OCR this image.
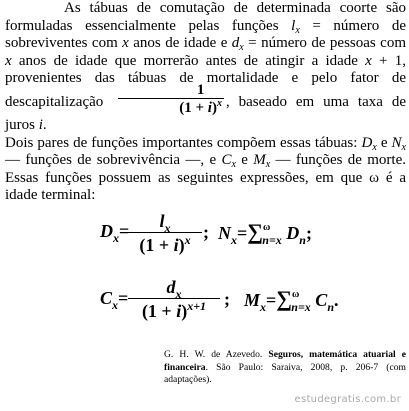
As tábuas de comutação de determinada coorte são formuladas essencialmente pelas funções $l_x$ = número de sobreviventes com x anos de idade e $d_x$ = número de pessoas com x anos de idade que morrerão antes de atingir a idade x + 1, provenientes das tábuas de mortalidade e pelo fator de descapitalização $\frac{1}{(1 + i)^x}$ , baseado em uma taxa de juros i.

Dois pares de funções importantes compõem essas tábuas: $D_x$ e $N_x$ — funções de sobrevivência —, e $C_x$ e $M_x$ — funções de morte. Essas funções possuem as seguintes expressões, em que ω é a idade terminal:

$D_x=$
$\frac{l_x}{(1 + i)^x}$ ; $N_x=\sum^\omega_{n=x}$ $D_n$;
$C_x= \frac{d_x}{(1 + i)^{x+1}}$ ; $M_x=\sum^\omega_{n=x}$ $C_n$.
G. H. W. de Azevedo. Seguros, matemática atuarial e financeira. São Paulo: Saraiva, 2008, p. 206-7 (com adaptações).
estudegratis.com.br
